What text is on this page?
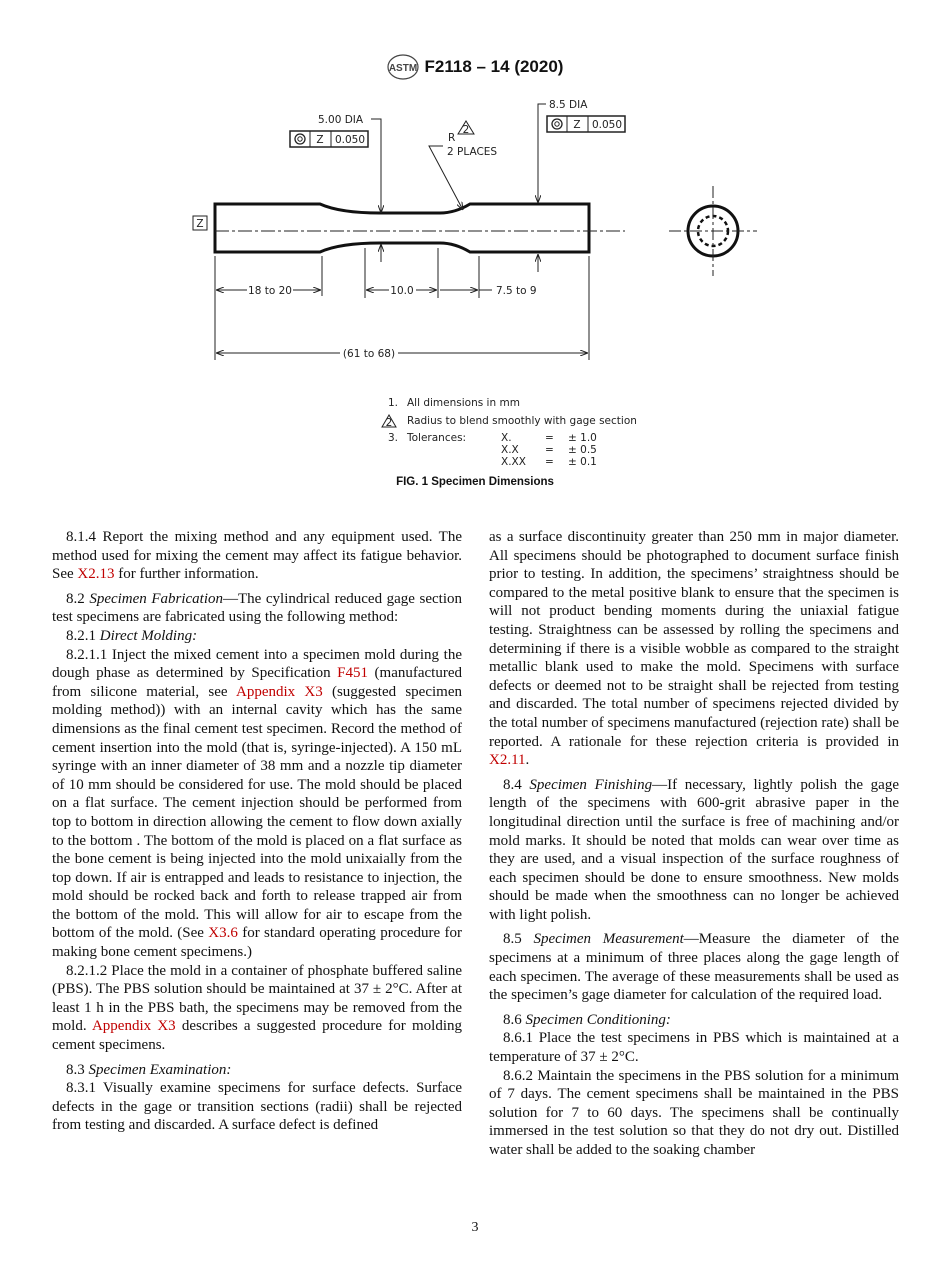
ASTM F2118 – 14 (2020)
Z
5.00 DIA
Z 0.050	R
2
2 PLACES
8.5 DIA
Z 0.050
18 to 20	10.0	7.5 to 9
(61 to 68)
1. All dimensions in mm
2 Radius to blend smoothly with gage section
3. Tolerances:	X.	= ± 1.0
X.X	= ± 0.5
X.XX = ± 0.1
FIG. 1 Specimen Dimensions

8.1.4 Report the mixing method and any equipment used. The method used for mixing the cement may affect its fatigue behavior. See X2.13 for further information.

8.2 Specimen Fabrication—The cylindrical reduced gage section test specimens are fabricated using the following method:

8.2.1 Direct Molding:

8.2.1.1 Inject the mixed cement into a specimen mold during the dough phase as determined by Specification F451 (manufactured from silicone material, see Appendix X3 (suggested specimen molding method)) with an internal cavity which has the same dimensions as the final cement test specimen. Record the method of cement insertion into the mold (that is, syringe-injected). A 150 mL syringe with an inner diameter of 38 mm and a nozzle tip diameter of 10 mm should be considered for use. The mold should be placed on a flat surface. The cement injection should be performed from top to bottom in direction allowing the cement to flow down axially to the bottom . The bottom of the mold is placed on a flat surface as the bone cement is being injected into the mold unixaially from the top down. If air is entrapped and leads to resistance to injection, the mold should be rocked back and forth to release trapped air from the bottom of the mold. This will allow for air to escape from the bottom of the mold. (See X3.6 for standard operating procedure for making bone cement specimens.)

8.2.1.2 Place the mold in a container of phosphate buffered saline (PBS). The PBS solution should be maintained at 37 ± 2°C. After at least 1 h in the PBS bath, the specimens may be removed from the mold. Appendix X3 describes a suggested procedure for molding cement specimens.

8.3 Specimen Examination:

8.3.1 Visually examine specimens for surface defects. Surface defects in the gage or transition sections (radii) shall be rejected from testing and discarded. A surface defect is defined

as a surface discontinuity greater than 250 mm in major diameter. All specimens should be photographed to document surface finish prior to testing. In addition, the specimens’ straightness should be compared to the metal positive blank to ensure that the specimen is will not product bending moments during the uniaxial fatigue testing. Straightness can be assessed by rolling the specimens and determining if there is a visible wobble as compared to the straight metallic blank used to make the mold. Specimens with surface defects or deemed not to be straight shall be rejected from testing and discarded. The total number of specimens rejected divided by the total number of specimens manufactured (rejection rate) shall be reported. A rationale for these rejection criteria is provided in X2.11.

8.4 Specimen Finishing—If necessary, lightly polish the gage length of the specimens with 600-grit abrasive paper in the longitudinal direction until the surface is free of machining and/or mold marks. It should be noted that molds can wear over time as they are used, and a visual inspection of the surface roughness of each specimen should be done to ensure smoothness. New molds should be made when the smoothness can no longer be achieved with light polish.

8.5 Specimen Measurement—Measure the diameter of the specimens at a minimum of three places along the gage length of each specimen. The average of these measurements shall be used as the specimen’s gage diameter for calculation of the required load.

8.6 Specimen Conditioning:

8.6.1 Place the test specimens in PBS which is maintained at a temperature of 37 ± 2°C.

8.6.2 Maintain the specimens in the PBS solution for a minimum of 7 days. The cement specimens shall be maintained in the PBS solution for 7 to 60 days. The specimens shall be continually immersed in the test solution so that they do not dry out. Distilled water shall be added to the soaking chamber

3
